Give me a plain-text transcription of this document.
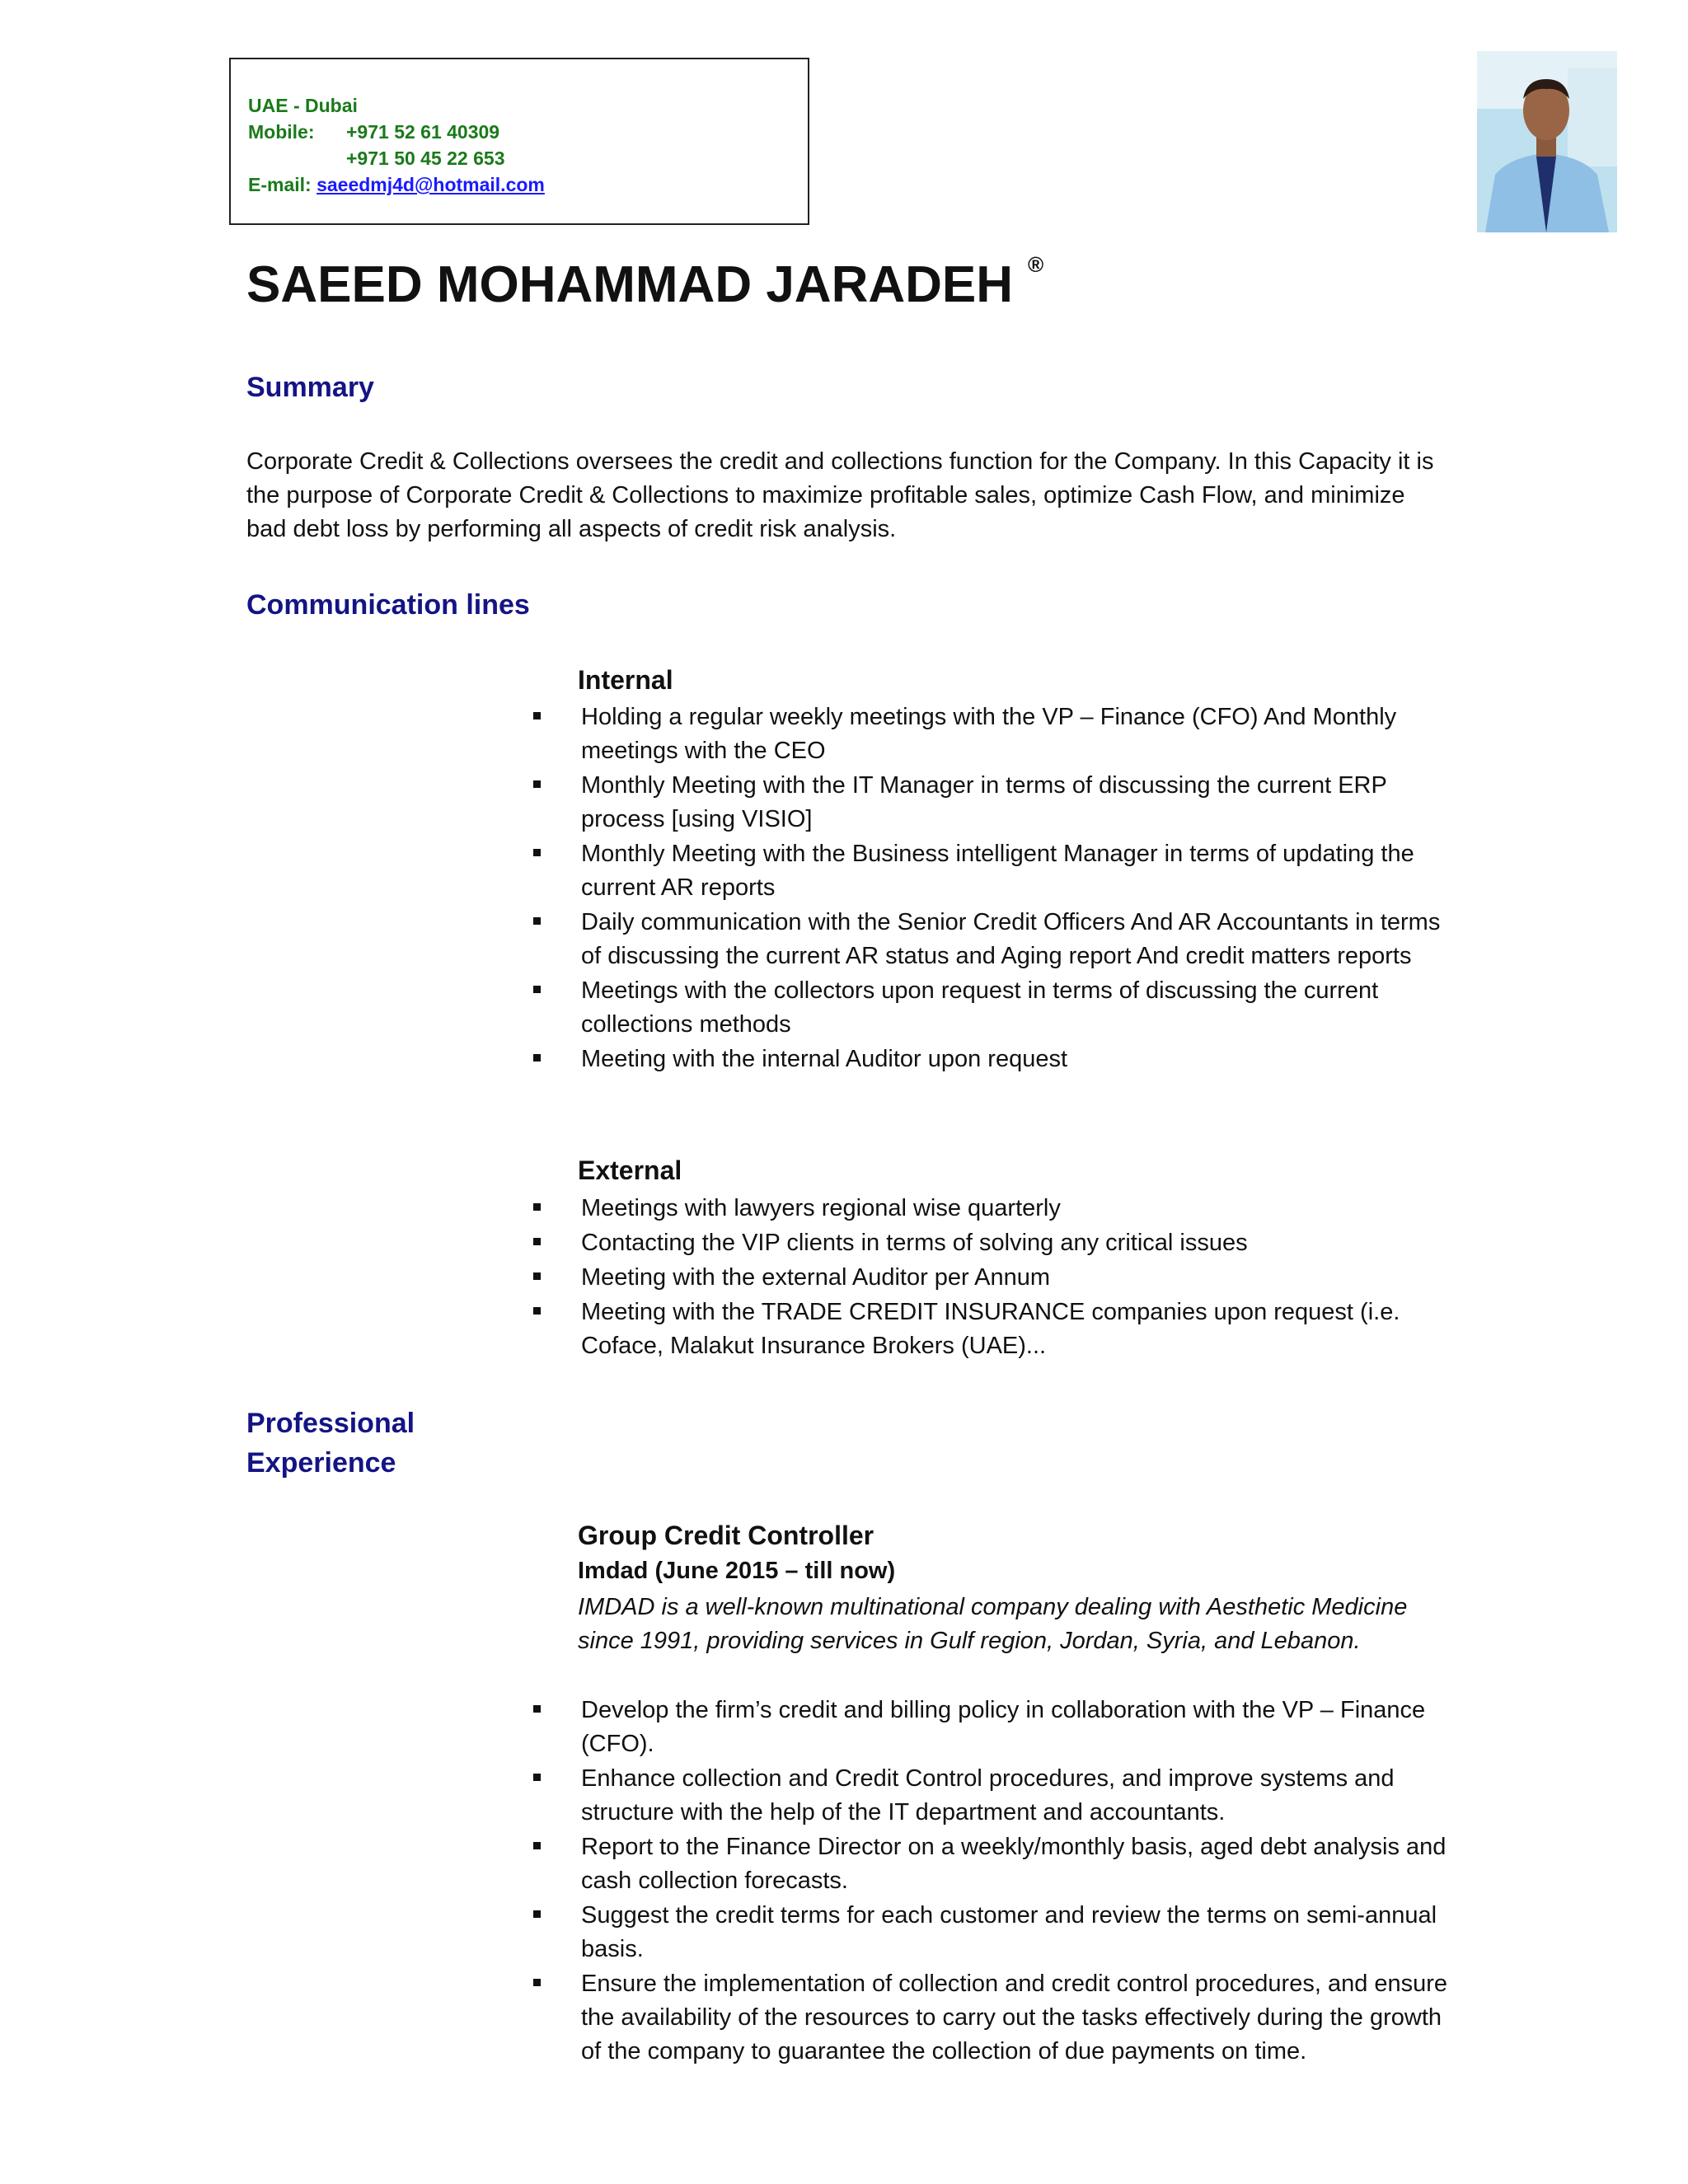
UAE - Dubai
Mobile: +971 52 61 40309
+971 50 45 22 653
E-mail: saeedmj4d@hotmail.com
SAEED MOHAMMAD JARADEH ®
Summary
Corporate Credit & Collections oversees the credit and collections function for the Company. In this Capacity it is the purpose of Corporate Credit & Collections to maximize profitable sales, optimize Cash Flow, and minimize bad debt loss by performing all aspects of credit risk analysis.
Communication lines
Internal
Holding a regular weekly meetings with the VP – Finance (CFO) And Monthly meetings with the CEO
Monthly Meeting with the IT Manager in terms of discussing the current ERP process [using VISIO]
Monthly Meeting with the Business intelligent Manager in terms of updating the current AR reports
Daily communication with the Senior Credit Officers And AR Accountants in terms of discussing the current AR status and Aging report And credit matters reports
Meetings with the collectors upon request in terms of discussing the current collections methods
Meeting with the internal Auditor upon request
External
Meetings with lawyers regional wise quarterly
Contacting the VIP clients in terms of solving any critical issues
Meeting with the external Auditor per Annum
Meeting with the TRADE CREDIT INSURANCE companies upon request (i.e. Coface, Malakut Insurance Brokers (UAE)...
Professional
Experience
Group Credit Controller
Imdad (June 2015 – till now)
IMDAD is a well-known multinational company dealing with Aesthetic Medicine since 1991, providing services in Gulf region, Jordan, Syria, and Lebanon.
Develop the firm’s credit and billing policy in collaboration with the VP – Finance (CFO).
Enhance collection and Credit Control procedures, and improve systems and structure with the help of the IT department and accountants.
Report to the Finance Director on a weekly/monthly basis, aged debt analysis and cash collection forecasts.
Suggest the credit terms for each customer and review the terms on semi-annual basis.
Ensure the implementation of collection and credit control procedures, and ensure the availability of the resources to carry out the tasks effectively during the growth of the company to guarantee the collection of due payments on time.
